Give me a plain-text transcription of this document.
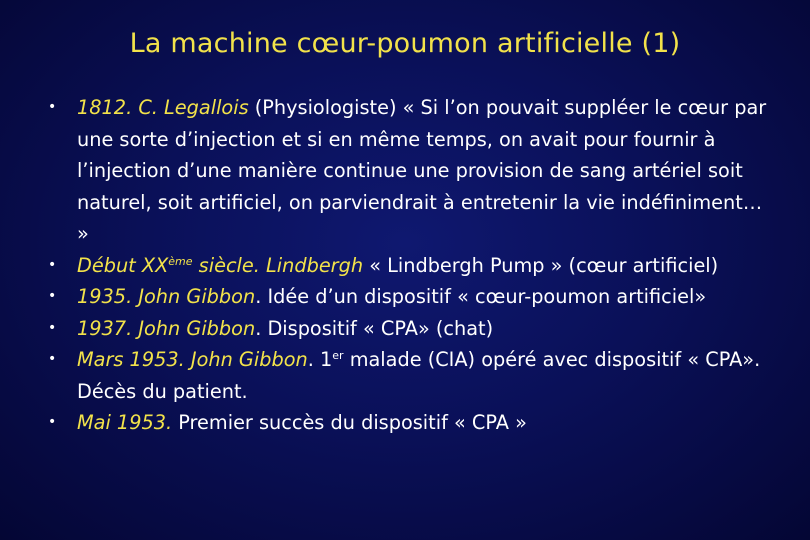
La machine cœur-poumon artificielle (1)
• 1812. C. Legallois (Physiologiste) « Si l’on pouvait suppléer le cœur par une sorte d’injection et si en même temps, on avait pour fournir à l’injection d’une manière continue une provision de sang artériel soit naturel, soit artificiel, on parviendrait à entretenir la vie indéfiniment… »
• Début XXème siècle. Lindbergh « Lindbergh Pump » (cœur artificiel)
• 1935. John Gibbon. Idée d’un dispositif « cœur-poumon artificiel»
• 1937. John Gibbon. Dispositif « CPA» (chat)
• Mars 1953. John Gibbon. 1er malade (CIA) opéré avec dispositif « CPA». Décès du patient.
• Mai 1953. Premier succès du dispositif « CPA »
